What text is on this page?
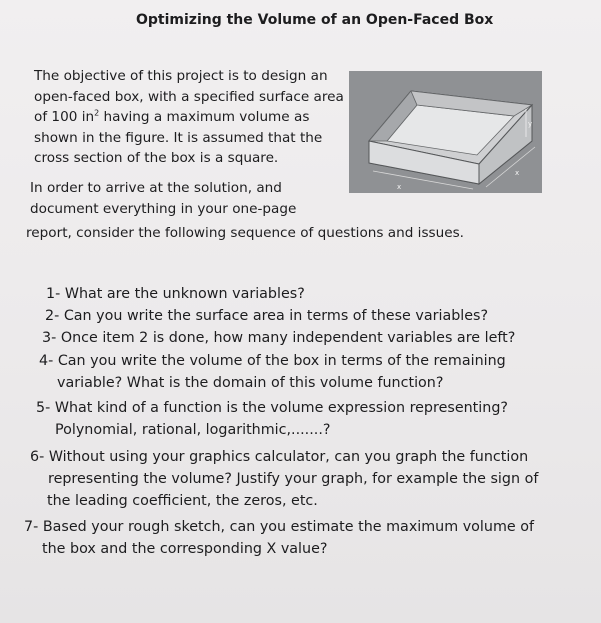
Optimizing the Volume of an Open-Faced Box
The objective of this project is to design an open-faced box, with a specified surface area of 100 $in^2$ having a maximum volume as shown in the figure. It is assumed that the cross section of the box is a square.
y
x
x
In order to arrive at the solution, and
document everything in your one-page
report, consider the following sequence of questions and issues.
1- What are the unknown variables?
2- Can you write the surface area in terms of these variables?
3- Once item 2 is done, how many independent variables are left?
4- Can you write the volume of the box in terms of the remaining
variable? What is the domain of this volume function?
5- What kind of a function is the volume expression representing?
Polynomial, rational, logarithmic,.......?
6- Without using your graphics calculator, can you graph the function
representing the volume? Justify your graph, for example the sign of
the leading coefficient, the zeros, etc.
7- Based your rough sketch, can you estimate the maximum volume of
the box and the corresponding X value?
